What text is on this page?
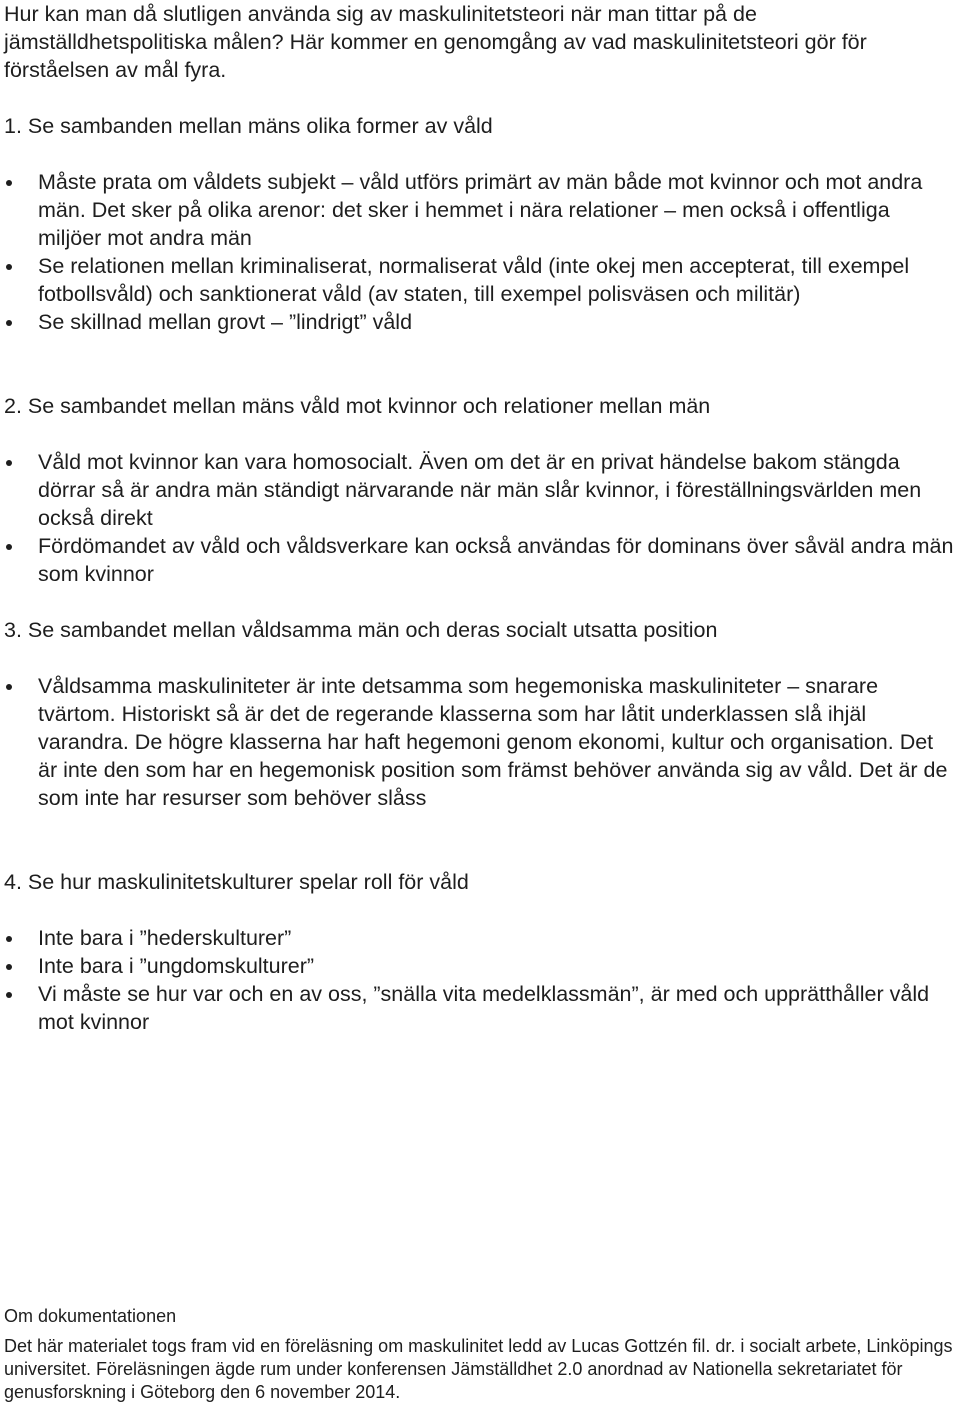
Hur kan man då slutligen använda sig av maskulinitetsteori när man tittar på de jämställdhetspolitiska målen? Här kommer en genomgång av vad maskulinitetsteori gör för förståelsen av mål fyra.

1. Se sambanden mellan mäns olika former av våld
Måste prata om våldets subjekt – våld utförs primärt av män både mot kvinnor och mot andra män. Det sker på olika arenor: det sker i hemmet i nära relationer – men också i offentliga miljöer mot andra män
Se relationen mellan kriminaliserat, normaliserat våld (inte okej men accepterat, till exempel fotbollsvåld) och sanktionerat våld (av staten, till exempel polisväsen och militär)
Se skillnad mellan grovt – ”lindrigt” våld
2. Se sambandet mellan mäns våld mot kvinnor och relationer mellan män
Våld mot kvinnor kan vara homosocialt. Även om det är en privat händelse bakom stängda dörrar så är andra män ständigt närvarande när män slår kvinnor, i föreställningsvärlden men också direkt
Fördömandet av våld och våldsverkare kan också användas för dominans över såväl andra män som kvinnor
3. Se sambandet mellan våldsamma män och deras socialt utsatta position
Våldsamma maskuliniteter är inte detsamma som hegemoniska maskuliniteter – snarare tvärtom. Historiskt så är det de regerande klasserna som har låtit underklassen slå ihjäl varandra. De högre klasserna har haft hegemoni genom ekonomi, kultur och organisation. Det är inte den som har en hegemonisk position som främst behöver använda sig av våld. Det är de som inte har resurser som behöver slåss
4. Se hur maskulinitetskulturer spelar roll för våld
Inte bara i ”hederskulturer”
Inte bara i ”ungdomskulturer”
Vi måste se hur var och en av oss, ”snälla vita medelklassmän”, är med och upprätthåller våld mot kvinnor
Om dokumentationen
Det här materialet togs fram vid en föreläsning om maskulinitet ledd av Lucas Gottzén fil. dr. i socialt arbete, Linköpings universitet. Föreläsningen ägde rum under konferensen Jämställdhet 2.0 anordnad av Nationella sekretariatet för genusforskning i Göteborg den 6 november 2014.
